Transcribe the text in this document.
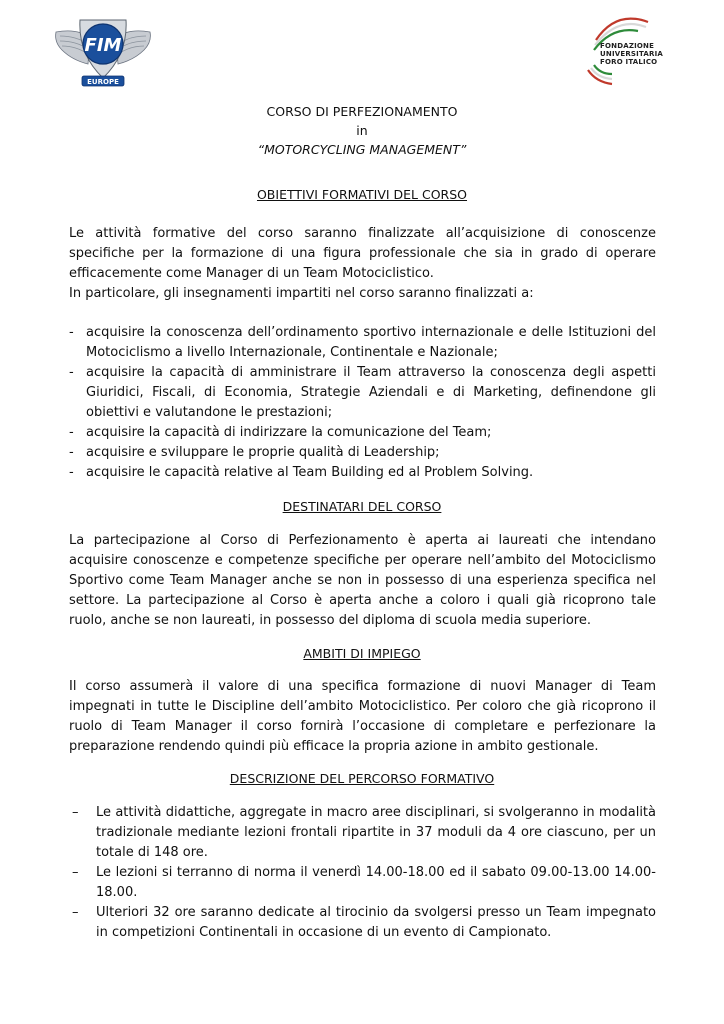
FIM
EUROPE
FONDAZIONE
UNIVERSITARIA
FORO ITALICO
CORSO DI PERFEZIONAMENTO
in
“MOTORCYCLING MANAGEMENT”
OBIETTIVI FORMATIVI DEL CORSO
Le attività formative del corso saranno finalizzate all’acquisizione di conoscenze specifiche per la formazione di una figura professionale che sia in grado di operare efficacemente come Manager di un Team Motociclistico.
In particolare, gli insegnamenti impartiti nel corso saranno finalizzati a:
- acquisire la conoscenza dell’ordinamento sportivo internazionale e delle Istituzioni del Motociclismo a livello Internazionale, Continentale e Nazionale;
- acquisire la capacità di amministrare il Team attraverso la conoscenza degli aspetti Giuridici, Fiscali, di Economia, Strategie Aziendali e di Marketing, definendone gli obiettivi e valutandone le prestazioni;
- acquisire la capacità di indirizzare la comunicazione del Team;
- acquisire e sviluppare le proprie qualità di Leadership;
- acquisire le capacità relative al Team Building ed al Problem Solving.
DESTINATARI DEL CORSO
La partecipazione al Corso di Perfezionamento è aperta ai laureati che intendano acquisire conoscenze e competenze specifiche per operare nell’ambito del Motociclismo Sportivo come Team Manager anche se non in possesso di una esperienza specifica nel settore. La partecipazione al Corso è aperta anche a coloro i quali già ricoprono tale ruolo, anche se non laureati, in possesso del diploma di scuola media superiore.
AMBITI DI IMPIEGO
Il corso assumerà il valore di una specifica formazione di nuovi Manager di Team impegnati in tutte le Discipline dell’ambito Motociclistico. Per coloro che già ricoprono il ruolo di Team Manager il corso fornirà l’occasione di completare e perfezionare la preparazione rendendo quindi più efficace la propria azione in ambito gestionale.
DESCRIZIONE DEL PERCORSO FORMATIVO
– Le attività didattiche, aggregate in macro aree disciplinari, si svolgeranno in modalità tradizionale mediante lezioni frontali ripartite in 37 moduli da 4 ore ciascuno, per un totale di 148 ore.
– Le lezioni si terranno di norma il venerdì 14.00-18.00 ed il sabato 09.00-13.00 14.00-18.00.
– Ulteriori 32 ore saranno dedicate al tirocinio da svolgersi presso un Team impegnato in competizioni Continentali in occasione di un evento di Campionato.
